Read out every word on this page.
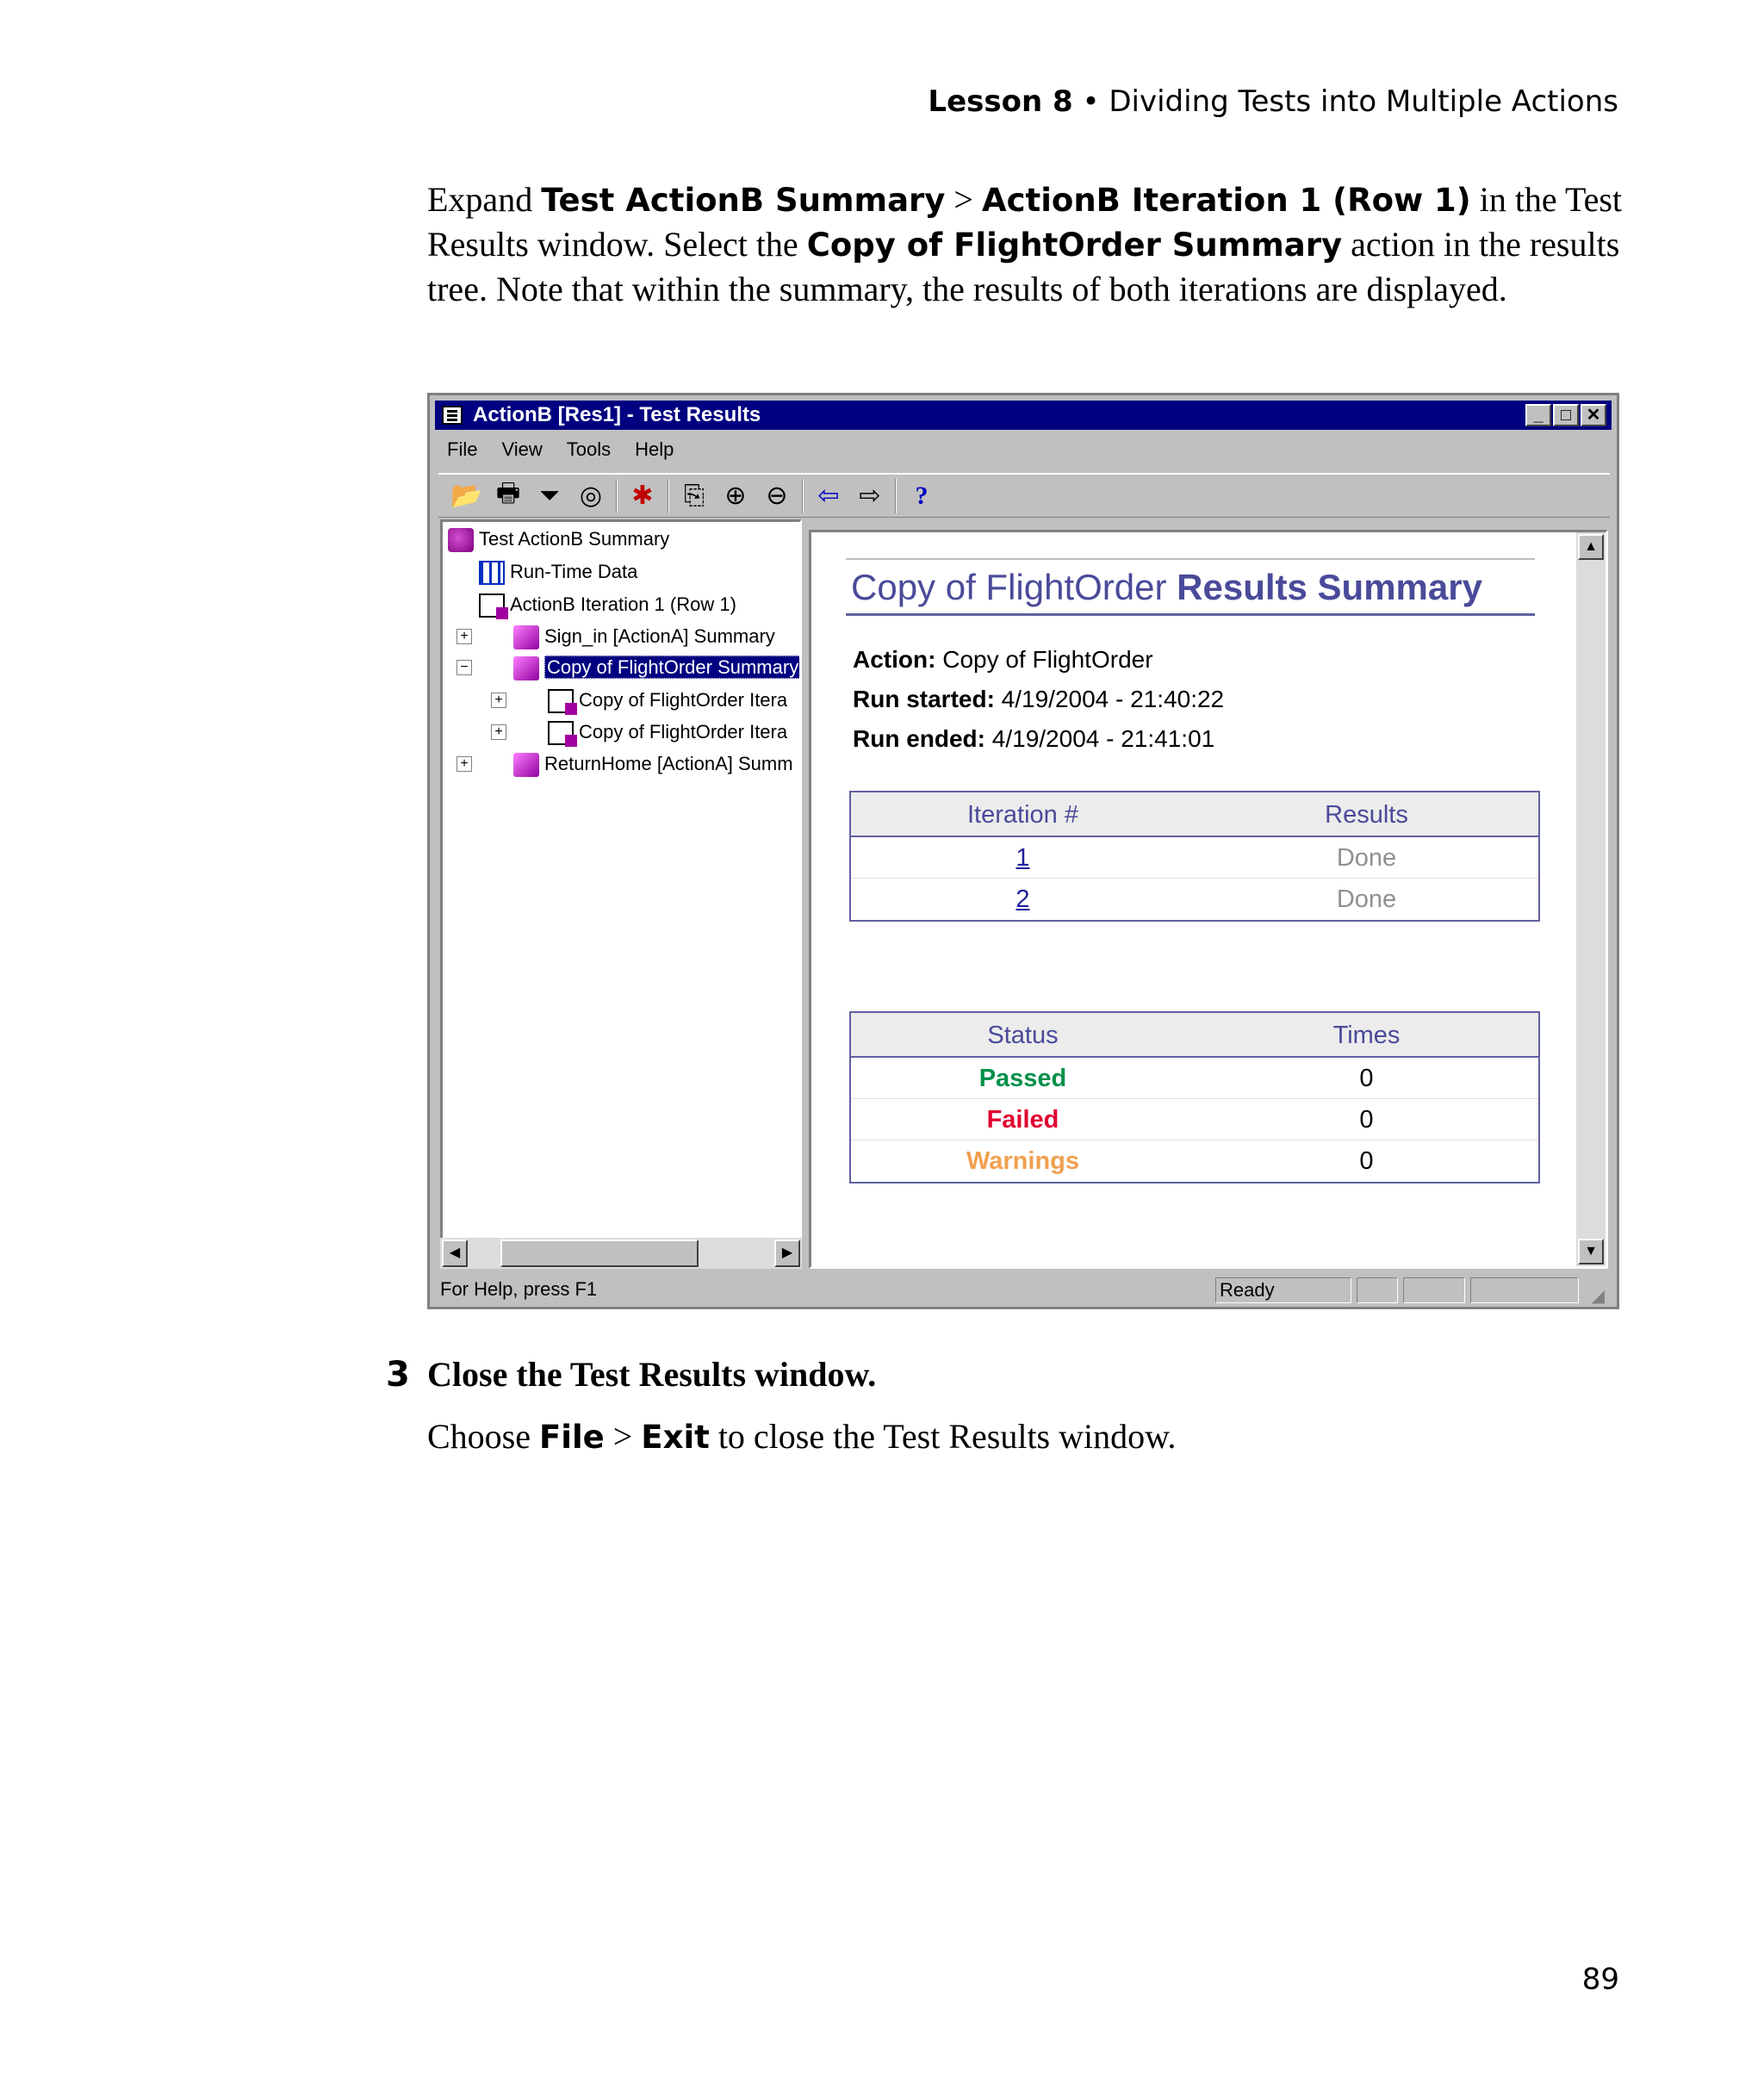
Lesson 8 • Dividing Tests into Multiple Actions

Expand Test ActionB Summary > ActionB Iteration 1 (Row 1) in the Test Results window. Select the Copy of FlightOrder Summary action in the results tree. Note that within the summary, the results of both iterations are displayed.

ActionB [Res1] - Test Results	_	□ ✕
File View Tools Help
📂 🖶 ⏷ ◎ ✱ ⎘ ⊕ ⊖ ⇦ ⇨	?
Test ActionB Summary
Run-Time Data
ActionB Iteration 1 (Row 1)
+	Sign_in [ActionA] Summary
−	Copy of FlightOrder Summary
+	Copy of FlightOrder Itera
+	Copy of FlightOrder Itera
+	ReturnHome [ActionA] Summ
◀	▶
Copy of FlightOrder Results Summary
Action: Copy of FlightOrder
Run started: 4/19/2004 - 21:40:22
Run ended: 4/19/2004 - 21:41:01
Iteration #	Results
1	Done
2	Done
Status	Times
Passed	0
Failed	0
Warnings	0
▲
▼
For Help, press F1	Ready	◢
3 Close the Test Results window.

Choose File > Exit to close the Test Results window.

89
